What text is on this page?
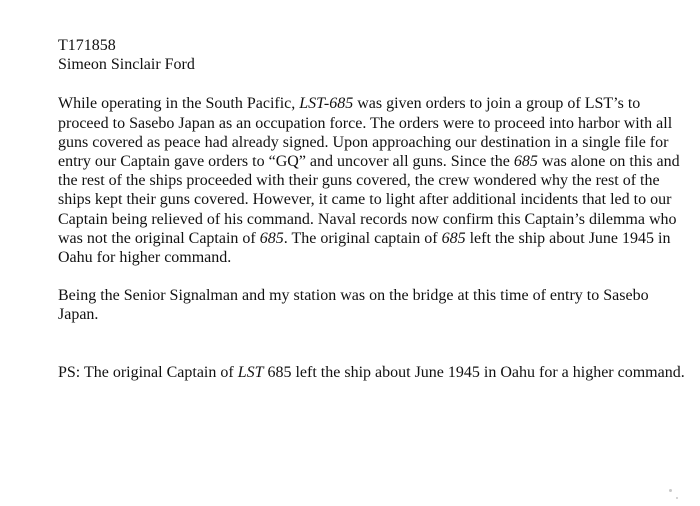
T171858

Simeon Sinclair Ford

While operating in the South Pacific, LST-685 was given orders to join a group of LST’s to proceed to Sasebo Japan as an occupation force. The orders were to proceed into harbor with all guns covered as peace had already signed. Upon approaching our destination in a single file for entry our Captain gave orders to “GQ” and uncover all guns. Since the 685 was alone on this and the rest of the ships proceeded with their guns covered, the crew wondered why the rest of the ships kept their guns covered. However, it came to light after additional incidents that led to our Captain being relieved of his command. Naval records now confirm this Captain’s dilemma who was not the original Captain of 685. The original captain of 685 left the ship about June 1945 in Oahu for higher command.

Being the Senior Signalman and my station was on the bridge at this time of entry to Sasebo Japan.

PS: The original Captain of LST 685 left the ship about June 1945 in Oahu for a higher command.
